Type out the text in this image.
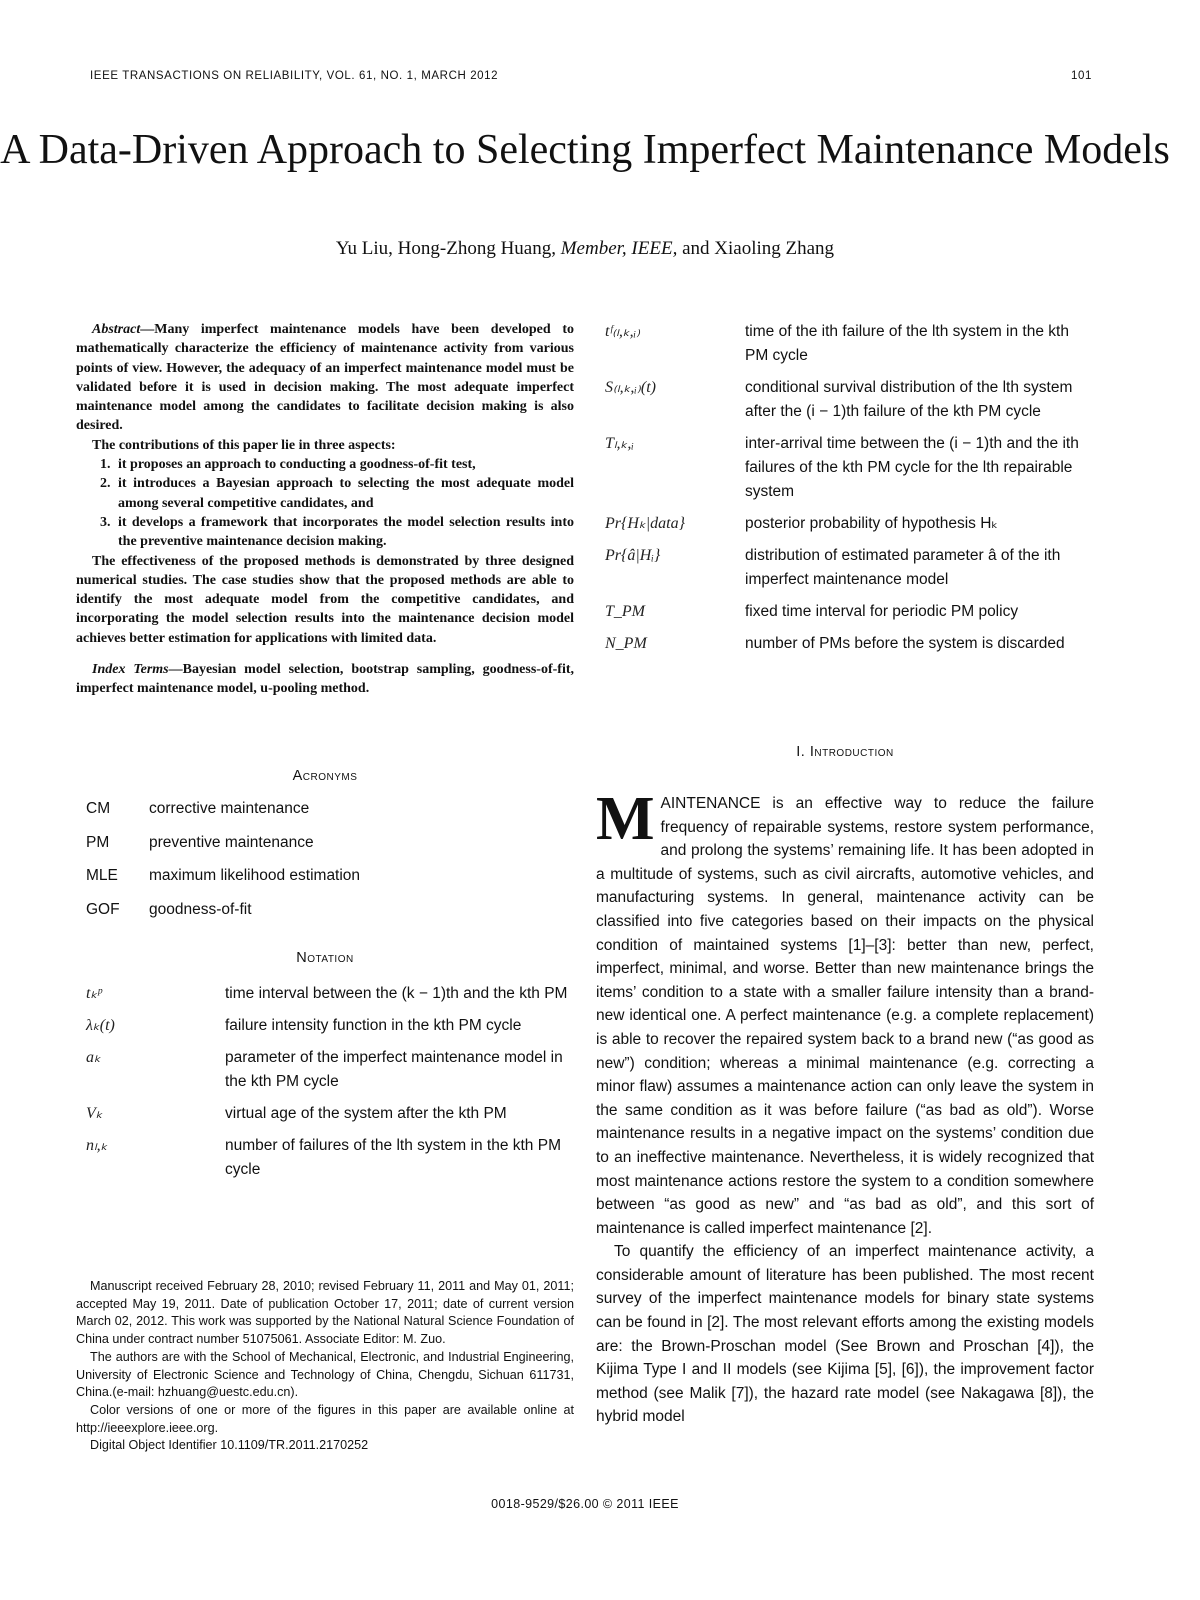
IEEE TRANSACTIONS ON RELIABILITY, VOL. 61, NO. 1, MARCH 2012	101
A Data-Driven Approach to Selecting Imperfect Maintenance Models
Yu Liu, Hong-Zhong Huang, Member, IEEE, and Xiaoling Zhang

Abstract—Many imperfect maintenance models have been developed to mathematically characterize the efficiency of maintenance activity from various points of view. However, the adequacy of an imperfect maintenance model must be validated before it is used in decision making. The most adequate imperfect maintenance model among the candidates to facilitate decision making is also desired.

The contributions of this paper lie in three aspects:

1. it proposes an approach to conducting a goodness-of-fit test,
2. it introduces a Bayesian approach to selecting the most adequate model among several competitive candidates, and
3. it develops a framework that incorporates the model selection results into the preventive maintenance decision making.

The effectiveness of the proposed methods is demonstrated by three designed numerical studies. The case studies show that the proposed methods are able to identify the most adequate model from the competitive candidates, and incorporating the model selection results into the maintenance decision model achieves better estimation for applications with limited data.

Index Terms—Bayesian model selection, bootstrap sampling, goodness-of-fit, imperfect maintenance model, u-pooling method.

Acronyms
CM	corrective maintenance
PM	preventive maintenance
MLE	maximum likelihood estimation
GOF	goodness-of-fit
Notation
tₖᵖ	time interval between the (k − 1)th and the kth PM
λₖ(t)	failure intensity function in the kth PM cycle
aₖ	parameter of the imperfect maintenance model in the kth PM cycle
Vₖ	virtual age of the system after the kth PM
nₗ,ₖ	number of failures of the lth system in the kth PM cycle
tᶠ₍ₗ,ₖ,ᵢ₎	time of the ith failure of the lth system in the kth PM cycle
S₍ₗ,ₖ,ᵢ₎(t)	conditional survival distribution of the lth system after the (i − 1)th failure of the kth PM cycle
Tₗ,ₖ,ᵢ	inter-arrival time between the (i − 1)th and the ith failures of the kth PM cycle for the lth repairable system
Pr{Hₖ|data}	posterior probability of hypothesis Hₖ
Pr{â|Hᵢ}	distribution of estimated parameter â of the ith imperfect maintenance model
T_PM	fixed time interval for periodic PM policy
N_PM	number of PMs before the system is discarded
I. Introduction

MAINTENANCE is an effective way to reduce the failure frequency of repairable systems, restore system performance, and prolong the systems’ remaining life. It has been adopted in a multitude of systems, such as civil aircrafts, automotive vehicles, and manufacturing systems. In general, maintenance activity can be classified into five categories based on their impacts on the physical condition of maintained systems [1]–[3]: better than new, perfect, imperfect, minimal, and worse. Better than new maintenance brings the items’ condition to a state with a smaller failure intensity than a brand-new identical one. A perfect maintenance (e.g. a complete replacement) is able to recover the repaired system back to a brand new (“as good as new”) condition; whereas a minimal maintenance (e.g. correcting a minor flaw) assumes a maintenance action can only leave the system in the same condition as it was before failure (“as bad as old”). Worse maintenance results in a negative impact on the systems’ condition due to an ineffective maintenance. Nevertheless, it is widely recognized that most maintenance actions restore the system to a condition somewhere between “as good as new” and “as bad as old”, and this sort of maintenance is called imperfect maintenance [2].

To quantify the efficiency of an imperfect maintenance activity, a considerable amount of literature has been published. The most recent survey of the imperfect maintenance models for binary state systems can be found in [2]. The most relevant efforts among the existing models are: the Brown-Proschan model (See Brown and Proschan [4]), the Kijima Type I and II models (see Kijima [5], [6]), the improvement factor method (see Malik [7]), the hazard rate model (see Nakagawa [8]), the hybrid model

Manuscript received February 28, 2010; revised February 11, 2011 and May 01, 2011; accepted May 19, 2011. Date of publication October 17, 2011; date of current version March 02, 2012. This work was supported by the National Natural Science Foundation of China under contract number 51075061. Associate Editor: M. Zuo.

The authors are with the School of Mechanical, Electronic, and Industrial Engineering, University of Electronic Science and Technology of China, Chengdu, Sichuan 611731, China.(e-mail: hzhuang@uestc.edu.cn).

Color versions of one or more of the figures in this paper are available online at http://ieeexplore.ieee.org.

Digital Object Identifier 10.1109/TR.2011.2170252

0018-9529/$26.00 © 2011 IEEE
